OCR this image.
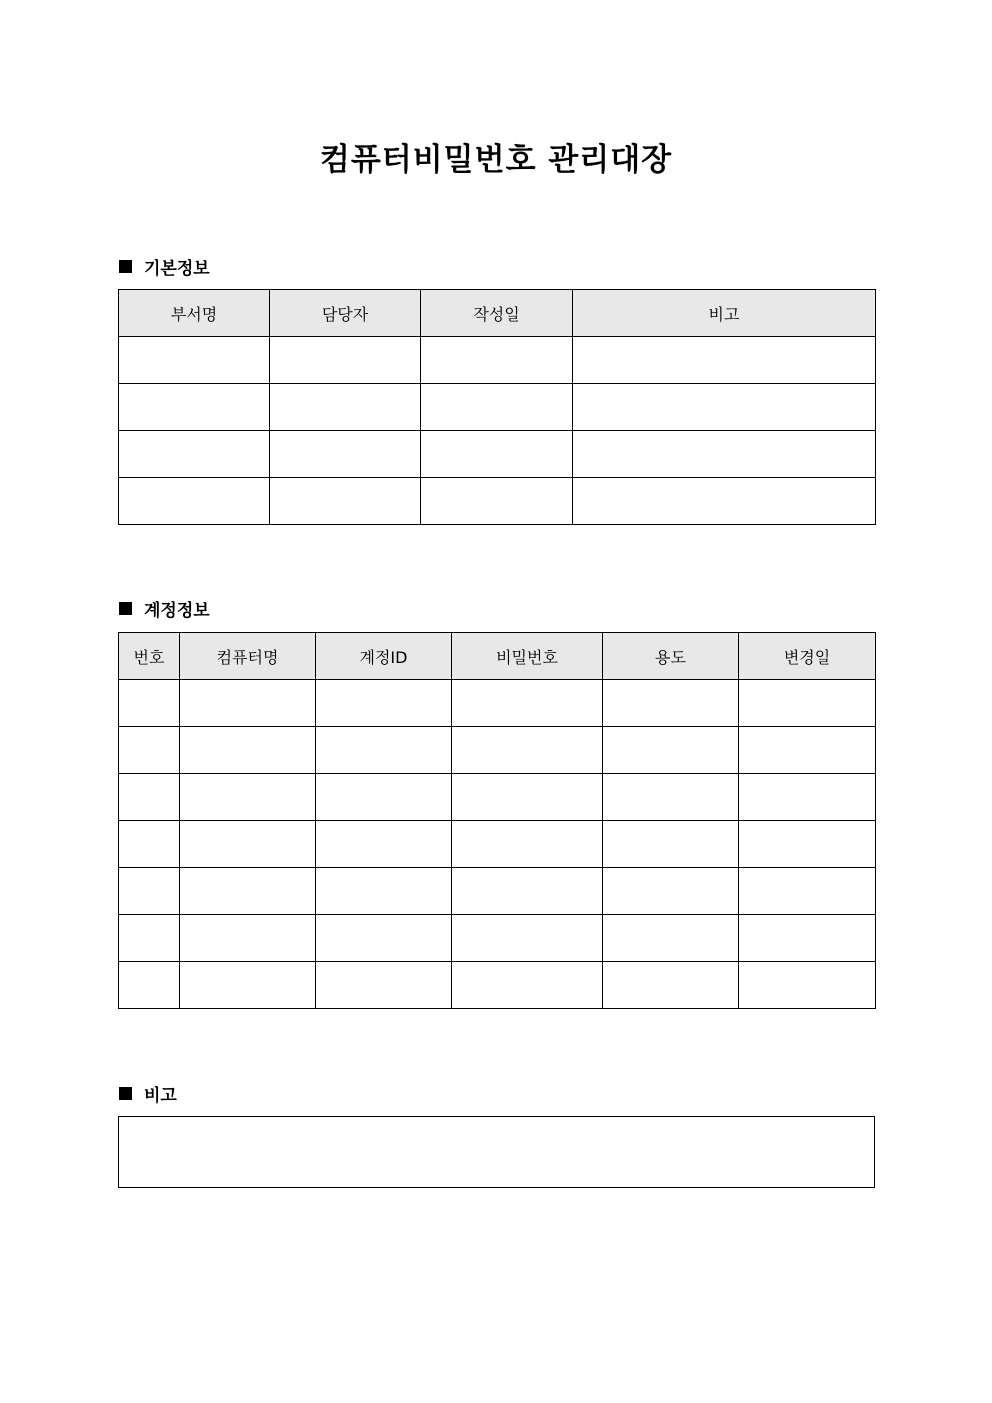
컴퓨터비밀번호 관리대장
기본정보
부서명	담당자	작성일	비고

계정정보
번호	컴퓨터명	계정ID	비밀번호	용도	변경일

비고
